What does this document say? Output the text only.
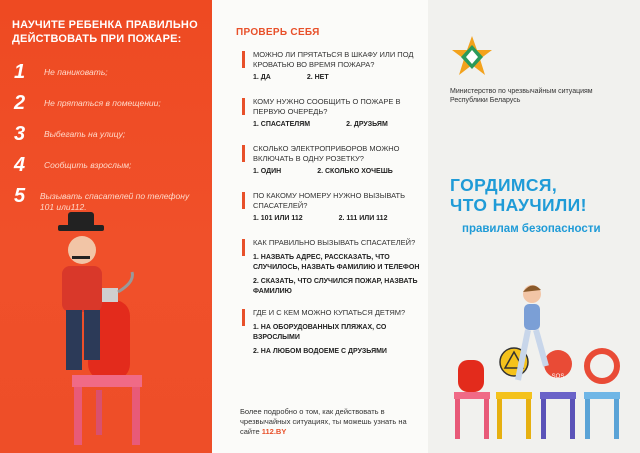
НАУЧИТЕ РЕБЕНКА ПРАВИЛЬНО ДЕЙСТВОВАТЬ ПРИ ПОЖАРЕ:
1	Не паниковать;
2	Не прятаться в помещении;
3	Выбегать на улицу;
4	Сообщить взрослым;
5	Вызывать спасателей по телефону 101 или112.
ПРОВЕРЬ СЕБЯ
МОЖНО ЛИ ПРЯТАТЬСЯ В ШКАФУ ИЛИ ПОД КРОВАТЬЮ ВО ВРЕМЯ ПОЖАРА?
1. ДА	2. НЕТ
КОМУ НУЖНО СООБЩИТЬ О ПОЖАРЕ В ПЕРВУЮ ОЧЕРЕДЬ?
1. СПАСАТЕЛЯМ	2. ДРУЗЬЯМ
СКОЛЬКО ЭЛЕКТРОПРИБОРОВ МОЖНО ВКЛЮЧАТЬ В ОДНУ РОЗЕТКУ?
1. ОДИН	2. СКОЛЬКО ХОЧЕШЬ
ПО КАКОМУ НОМЕРУ НУЖНО ВЫЗЫВАТЬ СПАСАТЕЛЕЙ?
1. 101 ИЛИ 112	2. 111 ИЛИ 112
КАК ПРАВИЛЬНО ВЫЗЫВАТЬ СПАСАТЕЛЕЙ?
1. НАЗВАТЬ АДРЕС, РАССКАЗАТЬ, ЧТО СЛУЧИЛОСЬ, НАЗВАТЬ ФАМИЛИЮ И ТЕЛЕФОН
2. СКАЗАТЬ, ЧТО СЛУЧИЛСЯ ПОЖАР, НАЗВАТЬ ФАМИЛИЮ
ГДЕ И С КЕМ МОЖНО КУПАТЬСЯ ДЕТЯМ?
1. НА ОБОРУДОВАННЫХ ПЛЯЖАХ, СО ВЗРОСЛЫМИ
2. НА ЛЮБОМ ВОДОЕМЕ С ДРУЗЬЯМИ
Более подробно о том, как действовать в чрезвычайных ситуациях, ты можешь узнать на сайте 112.BY
Министерство по чрезвычайным ситуациям Республики Беларусь
ГОРДИМСЯ,
ЧТО НАУЧИЛИ!
правилам безопасности
SOS
